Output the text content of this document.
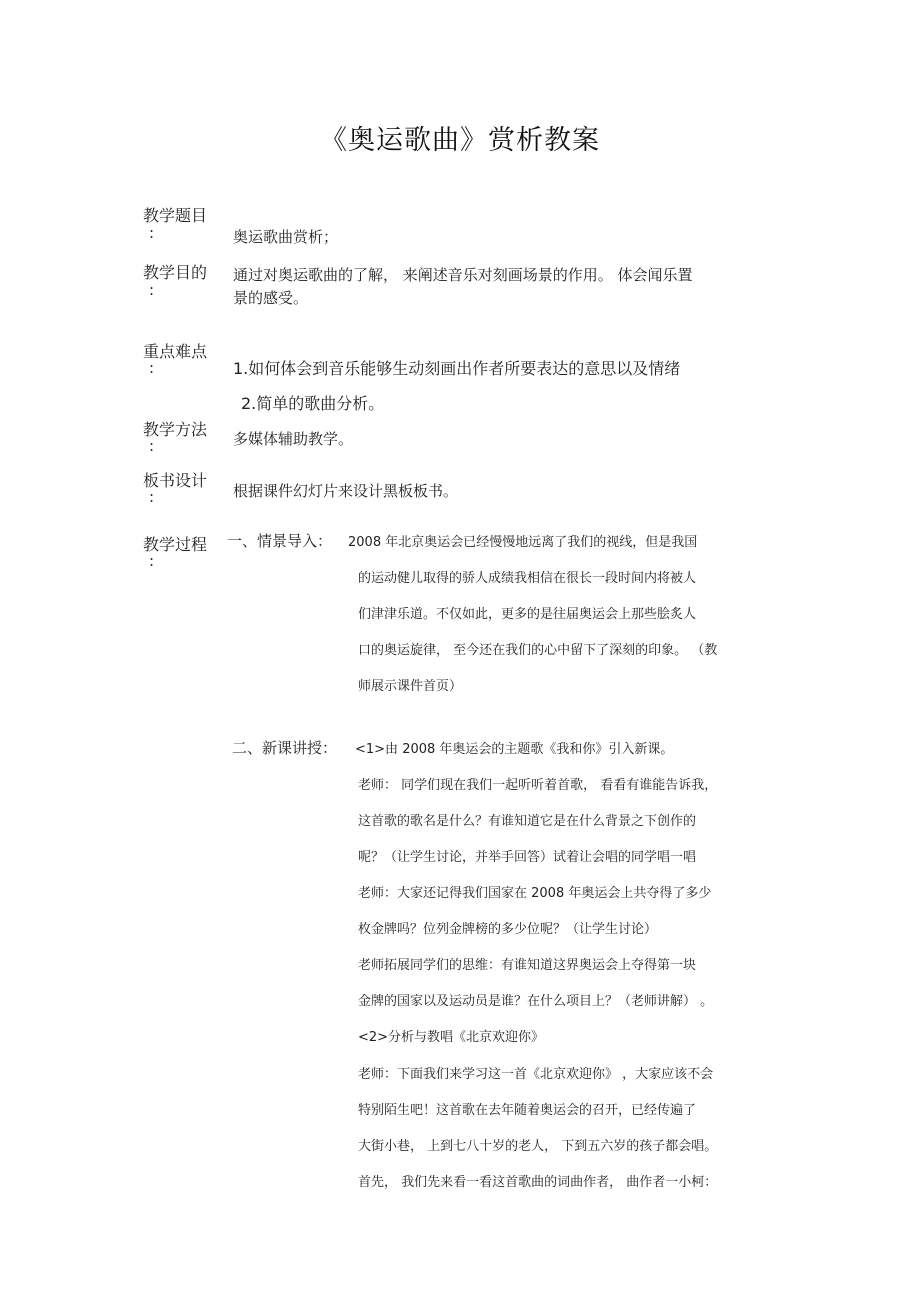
《奥运歌曲》赏析教案
教学题目
:	奥运歌曲赏析；
教学目的
:
通过对奥运歌曲的了解， 来阐述音乐对刻画场景的作用。 体会闻乐置
景的感受。
重点难点
:	1.如何体会到音乐能够生动刻画出作者所要表达的意思以及情绪
2.简单的歌曲分析。
教学方法
:	多媒体辅助教学。
板书设计
:	根据课件幻灯片来设计黑板板书。
教学过程
:
一、情景导入： 2008 年北京奥运会已经慢慢地远离了我们的视线，但是我国
的运动健儿取得的骄人成绩我相信在很长一段时间内将被人
们津津乐道。不仅如此，更多的是往届奥运会上那些脍炙人
口的奥运旋律， 至今还在我们的心中留下了深刻的印象。 （教
师展示课件首页）
二、新课讲授： <1>由 2008 年奥运会的主题歌《我和你》引入新课。
老师： 同学们现在我们一起听听着首歌， 看看有谁能告诉我，
这首歌的歌名是什么？有谁知道它是在什么背景之下创作的
呢？（让学生讨论，并举手回答）试着让会唱的同学唱一唱
老师：大家还记得我们国家在 2008 年奥运会上共夺得了多少
枚金牌吗？位列金牌榜的多少位呢？（让学生讨论）
老师拓展同学们的思维：有谁知道这界奥运会上夺得第一块
金牌的国家以及运动员是谁？在什么项目上？（老师讲解） 。
<2>分析与教唱《北京欢迎你》
老师：下面我们来学习这一首《北京欢迎你》 ，大家应该不会
特别陌生吧！这首歌在去年随着奥运会的召开，已经传遍了
大街小巷， 上到七八十岁的老人， 下到五六岁的孩子都会唱。
首先， 我们先来看一看这首歌曲的词曲作者， 曲作者一小柯：
